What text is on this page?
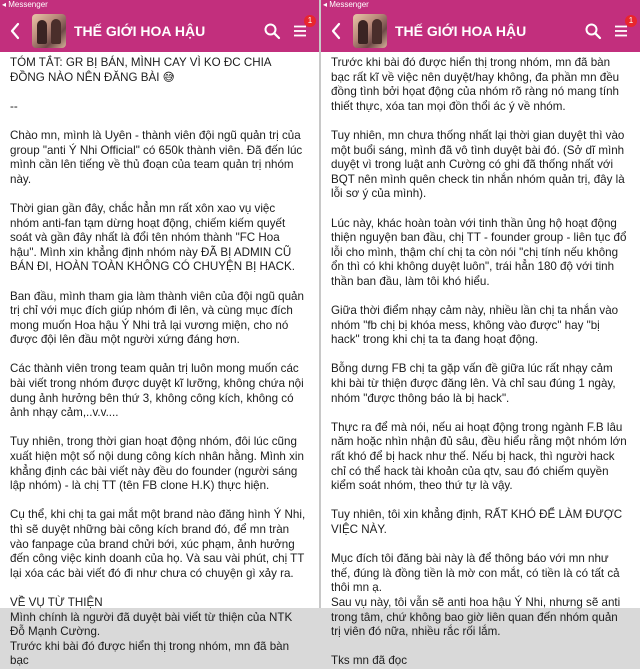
◂ Messenger
THẾ GIỚI HOA HẬU
1

TÓM TẮT: GR BỊ BÁN, MÌNH CAY VÌ KO ĐC CHIA ĐỒNG NÀO NÊN ĐĂNG BÀI 😅

--

Chào mn, mình là Uyên - thành viên đội ngũ quản trị của group "anti Ý Nhi Official" có 650k thành viên. Đã đến lúc mình cần lên tiếng về thủ đoạn của team quản trị nhóm này.

Thời gian gần đây, chắc hẳn mn rất xôn xao vụ việc nhóm anti-fan tạm dừng hoạt động, chiếm kiếm quyết soát và gần đây nhất là đổi tên nhóm thành "FC Hoa hậu". Mình xin khẳng định nhóm này ĐÃ BỊ ADMIN CŨ BÁN ĐI, HOÀN TOÀN KHÔNG CÓ CHUYỆN BỊ HACK.

Ban đầu, mình tham gia làm thành viên của đội ngũ quản trị chỉ với mục đích giúp nhóm đi lên, và cùng mục đích mong muốn Hoa hậu Ý Nhi trả lại vương miện, cho nó được đội lên đầu một người xứng đáng hơn.

Các thành viên trong team quản trị luôn mong muốn các bài viết trong nhóm được duyệt kĩ lưỡng, không chứa nội dung ảnh hưởng bên thứ 3, không công kích, không có ảnh nhạy cảm,..v.v....

Tuy nhiên, trong thời gian hoạt động nhóm, đôi lúc cũng xuất hiện một số nội dung công kích nhân hằng. Mình xin khẳng định các bài viết này đều do founder (người sáng lập nhóm) - là chị TT (tên FB clone H.K) thực hiện.

Cụ thể, khi chị ta gai mắt một brand nào đăng hình Ý Nhi, thì sẽ duyệt những bài công kích brand đó, để mn tràn vào fanpage của brand chửi bới, xúc phạm, ảnh hưởng đến công việc kinh doanh của họ. Và sau vài phút, chị TT lại xóa các bài viết đó đi như chưa có chuyện gì xảy ra.

VỀ VỤ TỪ THIỆN
Mình chính là người đã duyệt bài viết từ thiện của NTK Đỗ Mạnh Cường.
Trước khi bài đó được hiển thị trong nhóm, mn đã bàn bạc

◂ Messenger
THẾ GIỚI HOA HẬU
1

Trước khi bài đó được hiển thị trong nhóm, mn đã bàn bạc rất kĩ về việc nên duyệt/hay không, đa phần mn đều đồng tình bởi họat động của nhóm rõ ràng nó mang tính thiết thực, xóa tan mọi đồn thổi ác ý về nhóm.

Tuy nhiên, mn chưa thống nhất lại thời gian duyệt thì vào một buổi sáng, mình đã vô tình duyệt bài đó. (Sở dĩ mình duyệt vì trong luật anh Cường có ghi đã thống nhất với BQT nên mình quên check tin nhắn nhóm quản trị, đây là lỗi sơ ý của mình).

Lúc này, khác hoàn toàn với tinh thần ủng hộ hoạt động thiện nguyện ban đầu, chị TT - founder group - liên tục đổ lỗi cho mình, thậm chí chị ta còn nói "chị tính nếu không ổn thì có khi không duyệt luôn", trái hẳn 180 độ với tinh thần ban đầu, làm tôi khó hiểu.

Giữa thời điểm nhạy cảm này, nhiều lần chị ta nhắn vào nhóm "fb chị bị khóa mess, không vào được" hay "bị hack" trong khi chị ta ta đang hoạt động.

Bỗng dưng FB chị ta gặp vấn đề giữa lúc rất nhạy cảm khi bài từ thiện được đăng lên. Và chỉ sau đúng 1 ngày, nhóm "được thông báo là bị hack".

Thực ra để mà nói, nếu ai hoạt động trong ngành F.B lâu năm hoặc nhìn nhận đủ sâu, đều hiểu rằng một nhóm lớn rất khó để bị hack như thế. Nếu bị hack, thì người hack chỉ có thể hack tài khoản của qtv, sau đó chiếm quyền kiểm soát nhóm, theo thứ tự là vậy.

Tuy nhiên, tôi xin khẳng định, RẤT KHÓ ĐỂ LÀM ĐƯỢC VIỆC NÀY.

Mục đích tôi đăng bài này là để thông báo với mn như thế, đúng là đồng tiền là mờ con mắt, có tiền là có tất cả thôi mn ạ.
Sau vụ này, tôi vẫn sẽ anti hoa hậu Ý Nhi, nhưng sẽ anti trong tâm, chứ không bao giờ liên quan đến nhóm quản trị viên đó nữa, nhiều rắc rối lắm.

Tks mn đã đọc
